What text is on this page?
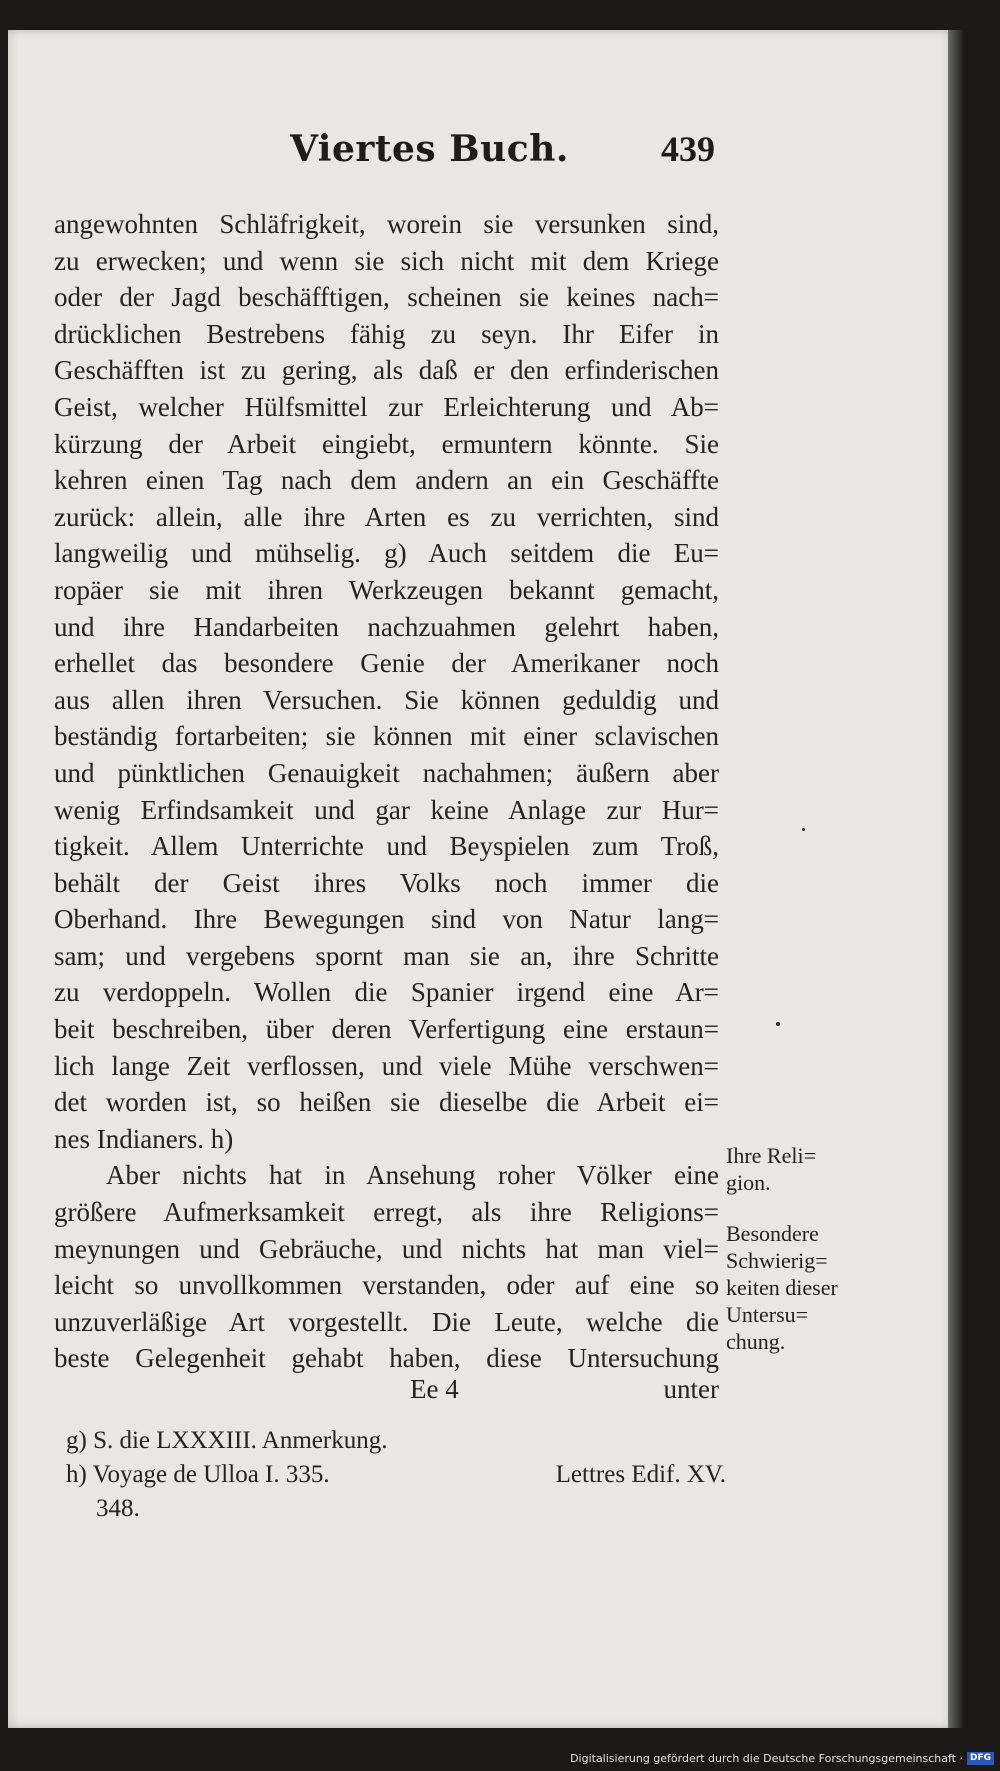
Viertes Buch.	439
angewohnten Schläfrigkeit, worein sie versunken sind,
zu erwecken; und wenn sie sich nicht mit dem Kriege
oder der Jagd beschäfftigen, scheinen sie keines nach=
drücklichen Bestrebens fähig zu seyn. Ihr Eifer in
Geschäfften ist zu gering, als daß er den erfinderischen
Geist, welcher Hülfsmittel zur Erleichterung und Ab=
kürzung der Arbeit eingiebt, ermuntern könnte. Sie
kehren einen Tag nach dem andern an ein Geschäffte
zurück: allein, alle ihre Arten es zu verrichten, sind
langweilig und mühselig. g) Auch seitdem die Eu=
ropäer sie mit ihren Werkzeugen bekannt gemacht,
und ihre Handarbeiten nachzuahmen gelehrt haben,
erhellet das besondere Genie der Amerikaner noch
aus allen ihren Versuchen. Sie können geduldig und
beständig fortarbeiten; sie können mit einer sclavischen
und pünktlichen Genauigkeit nachahmen; äußern aber
wenig Erfindsamkeit und gar keine Anlage zur Hur=
tigkeit. Allem Unterrichte und Beyspielen zum Troß,
behält der Geist ihres Volks noch immer die
Oberhand. Ihre Bewegungen sind von Natur lang=
sam; und vergebens spornt man sie an, ihre Schritte
zu verdoppeln. Wollen die Spanier irgend eine Ar=
beit beschreiben, über deren Verfertigung eine erstaun=
lich lange Zeit verflossen, und viele Mühe verschwen=
det worden ist, so heißen sie dieselbe die Arbeit ei=
nes Indianers. h)
Aber nichts hat in Ansehung roher Völker eine
größere Aufmerksamkeit erregt, als ihre Religions=
meynungen und Gebräuche, und nichts hat man viel=
leicht so unvollkommen verstanden, oder auf eine so
unzuverläßige Art vorgestellt. Die Leute, welche die
beste Gelegenheit gehabt haben, diese Untersuchung
Ee 4	unter
Ihre Reli=
gion.
Besondere
Schwierig=
keiten dieser
Untersu=
chung.
g) S. die LXXXIII. Anmerkung.
h) Voyage de Ulloa I. 335.	Lettres Edif. XV.
348.
Digitalisierung gefördert durch die Deutsche Forschungsgemeinschaft · DFG
